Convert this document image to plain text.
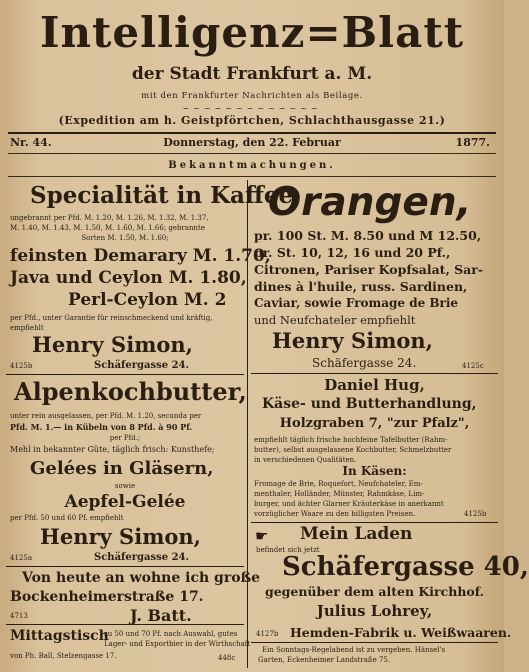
Intelligenz=Blatt
der Stadt Frankfurt a. M.
mit den Frankfurter Nachrichten als Beilage.
~~~~~~~~~~~~~
(Expedition am h. Geistpförtchen, Schlachthausgasse 21.)
Nr. 44.	Donnerstag, den 22. Februar	1877.
Bekanntmachungen.
Specialität in Kaffee,
ungebrannt per Pfd. M. 1.20, M. 1.26, M. 1.32, M. 1.37,
M. 1.40, M. 1.43, M. 1.50, M. 1.60, M. 1.66; gebrannte
Sorten M. 1.50, M. 1.60;
feinsten Demarary M. 1.70,
Java und Ceylon M. 1.80,
Perl-Ceylon M. 2
per Pfd., unter Garantie für reinschmeckend und kräftig,
empfiehlt
Henry Simon,
4125b	Schäfergasse 24.
Alpenkochbutter,
unter rein ausgelassen, per Pfd. M. 1.20, secunda per
Pfd. M. 1.— in Kübeln von 8 Pfd. à 90 Pf.
per Pfd.;
Mehl in bekannter Güte, täglich frisch: Kunsthefe;
Gelées in Gläsern,
sowie
Aepfel-Gelée
per Pfd. 50 und 60 Pf. empfiehlt
Henry Simon,
4125a	Schäfergasse 24.
Von heute an wohne ich große
Bockenheimerstraße 17.
4713	J. Batt.
Mittagstisch
zu 50 und 70 Pf. nach Auswahl, gutes
Lager- und Exportbier in der Wirthschaft
von Ph. Ball, Stelzengasse 17.	448c
Orangen,
pr. 100 St. M. 8.50 und M 12.50,
pr. St. 10, 12, 16 und 20 Pf.,
Citronen, Pariser Kopfsalat, Sar-
dines à l'huile, russ. Sardinen,
Caviar, sowie Fromage de Brie
und Neufchateler empfiehlt
Henry Simon,
Schäfergasse 24.	4125c
Daniel Hug,
Käse- und Butterhandlung,
Holzgraben 7, "zur Pfalz",
empfiehlt täglich frische hochfeine Tafelbutter (Rahm-
butter), selbst ausgelassene Kochbutter, Schmelzbutter
in verschiedenen Qualitäten.
In Käsen:
Fromage de Brie, Roquefort, Neufchateler, Em-
menthaler, Holländer, Münster, Rahmkäse, Lim-
burger, und ächter Glarner Kräuterkäse in anerkannt
vorzüglicher Waare zu den billigsten Preisen.	4125b
☛ Mein Laden
befindet sich jetzt
Schäfergasse 40,
gegenüber dem alten Kirchhof.
Julius Lohrey,
4127b Hemden-Fabrik u. Weißwaaren.
Ein Sonntags-Regelabend ist zu vergeben. Hänsel's
Garten, Eckenheimer Landstraße 75.
